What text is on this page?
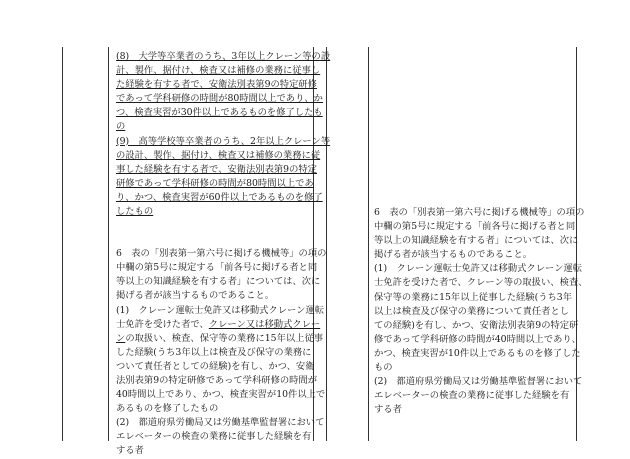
(8)　大学等卒業者のうち、3年以上クレーン等の設

計、製作、据付け、検査又は補修の業務に従事し

た経験を有する者で、安衛法別表第9の特定研修

であって学科研修の時間が80時間以上であり、か

つ、検査実習が30件以上であるものを修了したも

の

(9)　高等学校等卒業者のうち、2年以上クレーン等

の設計、製作、据付け、検査又は補修の業務に従

事した経験を有する者で、安衛法別表第9の特定

研修であって学科研修の時間が80時間以上であ

り、かつ、検査実習が60件以上であるものを修了

したもの

6　表の「別表第一第六号に掲げる機械等」の項の

中欄の第5号に規定する「前各号に掲げる者と同

等以上の知識経験を有する者」については、次に

掲げる者が該当するものであること。

(1)　クレーン運転士免許又は移動式クレーン運転

士免許を受けた者で、クレーン又は移動式クレー

ンの取扱い、検査、保守等の業務に15年以上従事

した経験(うち3年以上は検査及び保守の業務に

ついて責任者としての経験)を有し、かつ、安衛

法別表第9の特定研修であって学科研修の時間が

40時間以上であり、かつ、検査実習が10件以上で

あるものを修了したもの

(2)　都道府県労働局又は労働基準監督署において

エレベーターの検査の業務に従事した経験を有

する者

6　表の「別表第一第六号に掲げる機械等」の項の

中欄の第5号に規定する「前各号に掲げる者と同

等以上の知識経験を有する者」については、次に

掲げる者が該当するものであること。

(1)　クレーン運転士免許又は移動式クレーン運転

士免許を受けた者で、クレーン等の取扱い、検査、

保守等の業務に15年以上従事した経験(うち3年

以上は検査及び保守の業務について責任者とし

ての経験)を有し、かつ、安衛法別表第9の特定研

修であって学科研修の時間が40時間以上であり、

かつ、検査実習が10件以上であるものを修了した

もの

(2)　都道府県労働局又は労働基準監督署において

エレベーターの検査の業務に従事した経験を有

する者
